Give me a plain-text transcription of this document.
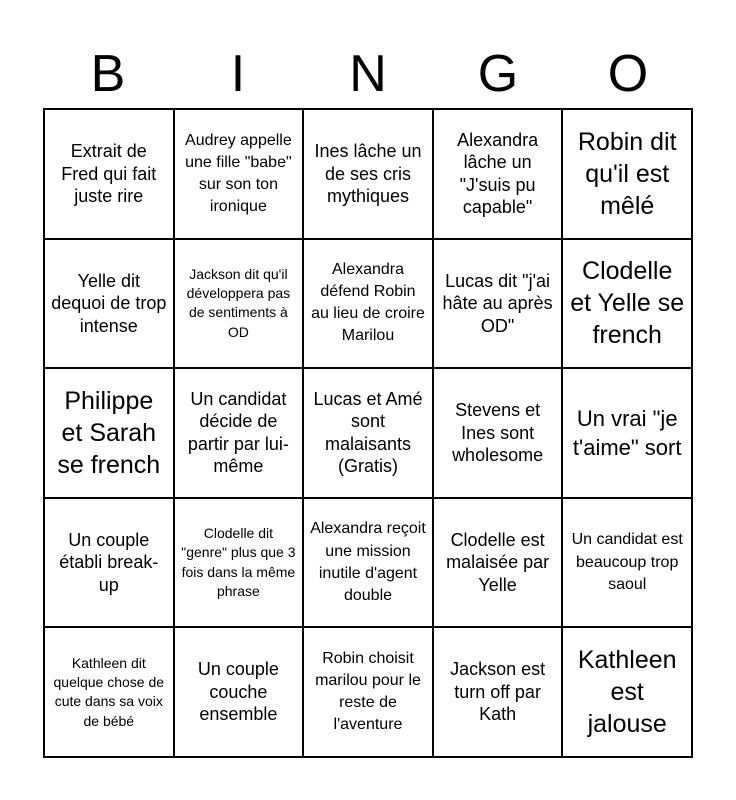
B	I	N	G	O
Extrait de Fred qui fait juste rire
Audrey appelle une fille "babe" sur son ton ironique
Ines lâche un de ses cris mythiques
Alexandra lâche un "J'suis pu capable"
Robin dit qu'il est mêlé
Yelle dit dequoi de trop intense
Jackson dit qu'il développera pas de sentiments à OD
Alexandra défend Robin au lieu de croire Marilou
Lucas dit "j'ai hâte au après OD"
Clodelle et Yelle se french
Philippe et Sarah se french
Un candidat décide de partir par lui-même
Lucas et Amé sont malaisants (Gratis)
Stevens et Ines sont wholesome
Un vrai "je t'aime" sort
Un couple établi break-up
Clodelle dit "genre" plus que 3 fois dans la même phrase
Alexandra reçoit une mission inutile d'agent double
Clodelle est malaisée par Yelle
Un candidat est beaucoup trop saoul
Kathleen dit quelque chose de cute dans sa voix de bébé
Un couple couche ensemble
Robin choisit marilou pour le reste de l'aventure
Jackson est turn off par Kath
Kathleen est jalouse
